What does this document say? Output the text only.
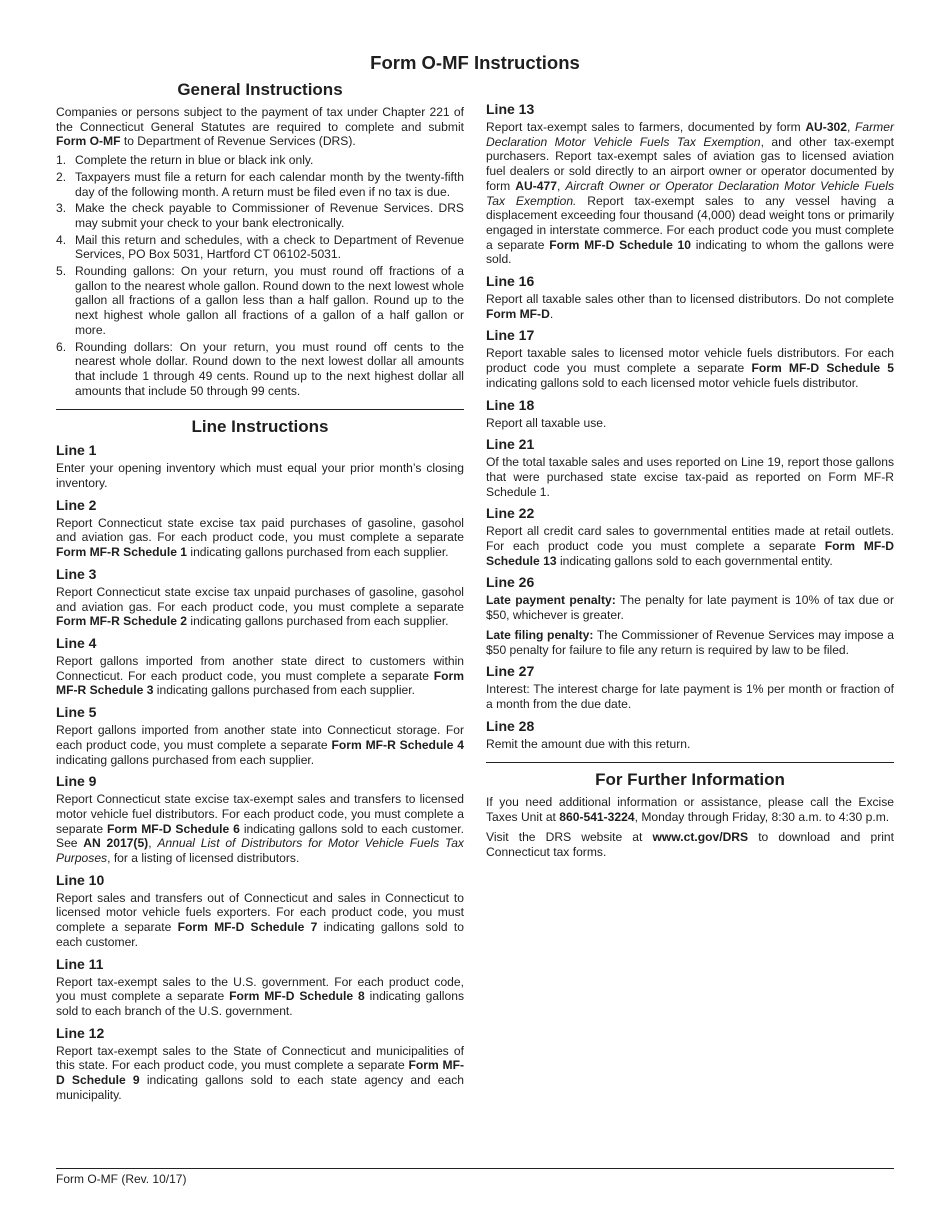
Form O-MF Instructions
General Instructions

Companies or persons subject to the payment of tax under Chapter 221 of the Connecticut General Statutes are required to complete and submit Form O-MF to Department of Revenue Services (DRS).

1. Complete the return in blue or black ink only.
2. Taxpayers must file a return for each calendar month by the twenty-fifth day of the following month. A return must be filed even if no tax is due.
3. Make the check payable to Commissioner of Revenue Services. DRS may submit your check to your bank electronically.
4. Mail this return and schedules, with a check to Department of Revenue Services, PO Box 5031, Hartford CT 06102-5031.
5. Rounding gallons: On your return, you must round off fractions of a gallon to the nearest whole gallon. Round down to the next lowest whole gallon all fractions of a gallon less than a half gallon. Round up to the next highest whole gallon all fractions of a gallon of a half gallon or more.
6. Rounding dollars: On your return, you must round off cents to the nearest whole dollar. Round down to the next lowest dollar all amounts that include 1 through 49 cents. Round up to the next highest dollar all amounts that include 50 through 99 cents.
Line Instructions
Line 1

Enter your opening inventory which must equal your prior month’s closing inventory.

Line 2

Report Connecticut state excise tax paid purchases of gasoline, gasohol and aviation gas. For each product code, you must complete a separate Form MF-R Schedule 1 indicating gallons purchased from each supplier.

Line 3

Report Connecticut state excise tax unpaid purchases of gasoline, gasohol and aviation gas. For each product code, you must complete a separate Form MF-R Schedule 2 indicating gallons purchased from each supplier.

Line 4

Report gallons imported from another state direct to customers within Connecticut. For each product code, you must complete a separate Form MF-R Schedule 3 indicating gallons purchased from each supplier.

Line 5

Report gallons imported from another state into Connecticut storage. For each product code, you must complete a separate Form MF-R Schedule 4 indicating gallons purchased from each supplier.

Line 9

Report Connecticut state excise tax-exempt sales and transfers to licensed motor vehicle fuel distributors. For each product code, you must complete a separate Form MF-D Schedule 6 indicating gallons sold to each customer. See AN 2017(5), Annual List of Distributors for Motor Vehicle Fuels Tax Purposes, for a listing of licensed distributors.

Line 10

Report sales and transfers out of Connecticut and sales in Connecticut to licensed motor vehicle fuels exporters. For each product code, you must complete a separate Form MF-D Schedule 7 indicating gallons sold to each customer.

Line 11

Report tax-exempt sales to the U.S. government. For each product code, you must complete a separate Form MF-D Schedule 8 indicating gallons sold to each branch of the U.S. government.

Line 12

Report tax-exempt sales to the State of Connecticut and municipalities of this state. For each product code, you must complete a separate Form MF-D Schedule 9 indicating gallons sold to each state agency and each municipality.

Line 13

Report tax-exempt sales to farmers, documented by form AU-302, Farmer Declaration Motor Vehicle Fuels Tax Exemption, and other tax-exempt purchasers. Report tax-exempt sales of aviation gas to licensed aviation fuel dealers or sold directly to an airport owner or operator documented by form AU-477, Aircraft Owner or Operator Declaration Motor Vehicle Fuels Tax Exemption. Report tax-exempt sales to any vessel having a displacement exceeding four thousand (4,000) dead weight tons or primarily engaged in interstate commerce. For each product code you must complete a separate Form MF-D Schedule 10 indicating to whom the gallons were sold.

Line 16

Report all taxable sales other than to licensed distributors. Do not complete Form MF-D.

Line 17

Report taxable sales to licensed motor vehicle fuels distributors. For each product code you must complete a separate Form MF-D Schedule 5 indicating gallons sold to each licensed motor vehicle fuels distributor.

Line 18

Report all taxable use.

Line 21

Of the total taxable sales and uses reported on Line 19, report those gallons that were purchased state excise tax-paid as reported on Form MF-R Schedule 1.

Line 22

Report all credit card sales to governmental entities made at retail outlets. For each product code you must complete a separate Form MF-D Schedule 13 indicating gallons sold to each governmental entity.

Line 26

Late payment penalty: The penalty for late payment is 10% of tax due or $50, whichever is greater.

Late filing penalty: The Commissioner of Revenue Services may impose a $50 penalty for failure to file any return is required by law to be filed.

Line 27

Interest: The interest charge for late payment is 1% per month or fraction of a month from the due date.

Line 28

Remit the amount due with this return.

For Further Information

If you need additional information or assistance, please call the Excise Taxes Unit at 860-541-3224, Monday through Friday, 8:30 a.m. to 4:30 p.m.

Visit the DRS website at www.ct.gov/DRS to download and print Connecticut tax forms.

Form O-MF (Rev. 10/17)
